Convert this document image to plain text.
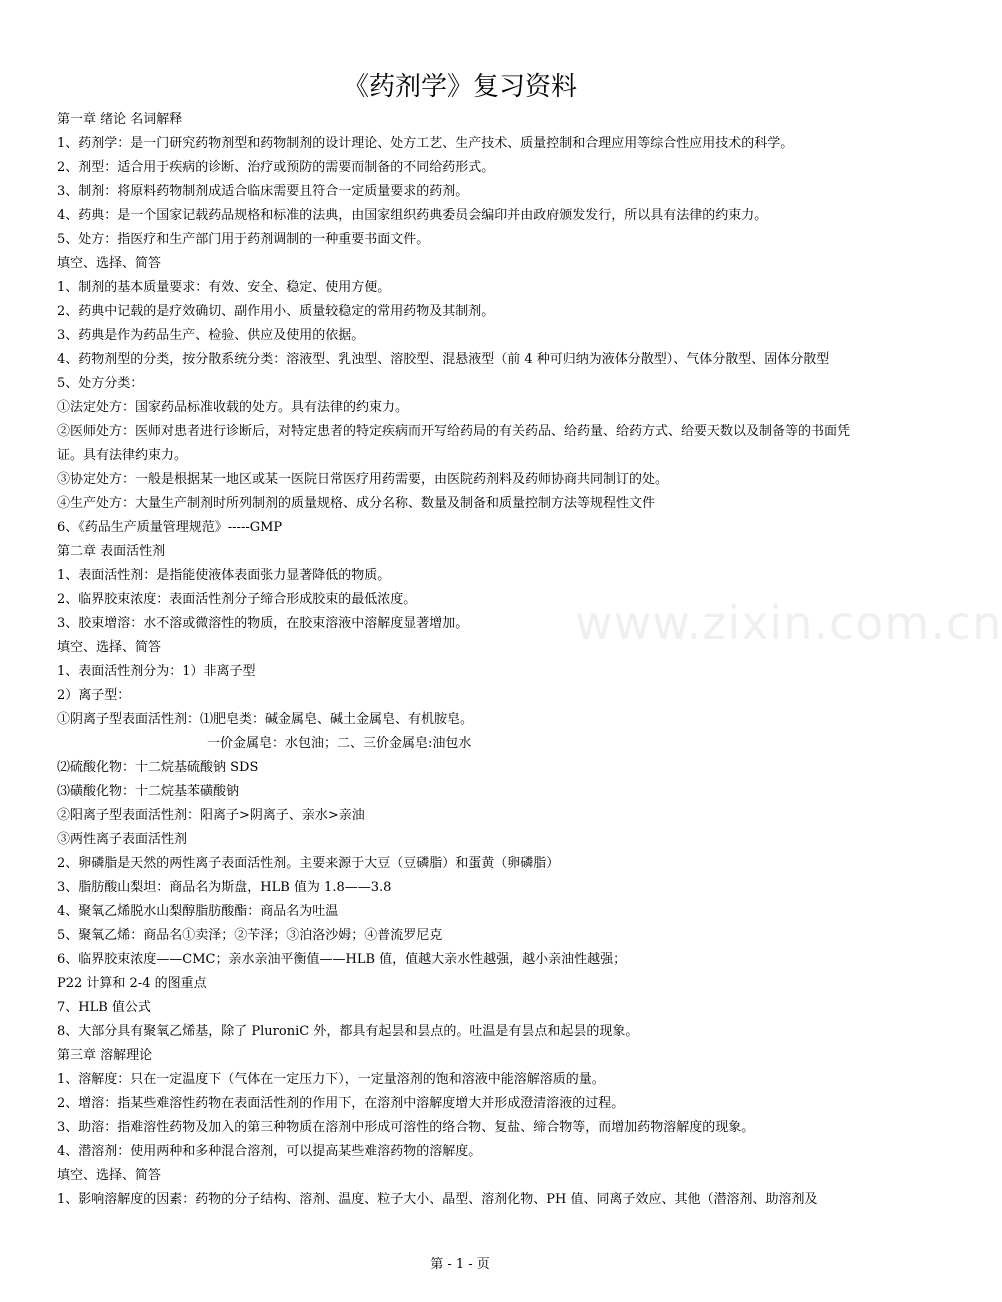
《药剂学》复习资料

第一章 绪论 名词解释

1、药剂学：是一门研究药物剂型和药物制剂的设计理论、处方工艺、生产技术、质量控制和合理应用等综合性应用技术的科学。

2、剂型：适合用于疾病的诊断、治疗或预防的需要而制备的不同给药形式。

3、制剂：将原料药物制剂成适合临床需要且符合一定质量要求的药剂。

4、药典：是一个国家记载药品规格和标准的法典，由国家组织药典委员会编印并由政府颁发发行，所以具有法律的约束力。

5、处方：指医疗和生产部门用于药剂调制的一种重要书面文件。

填空、选择、简答

1、制剂的基本质量要求：有效、安全、稳定、使用方便。

2、药典中记载的是疗效确切、副作用小、质量较稳定的常用药物及其制剂。

3、药典是作为药品生产、检验、供应及使用的依据。

4、药物剂型的分类，按分散系统分类：溶液型、乳浊型、溶胶型、混悬液型（前 4 种可归纳为液体分散型）、气体分散型、固体分散型

5、处方分类：

①法定处方：国家药品标准收载的处方。具有法律的约束力。

②医师处方：医师对患者进行诊断后，对特定患者的特定疾病而开写给药局的有关药品、给药量、给药方式、给要天数以及制备等的书面凭证。具有法律约束力。

③协定处方：一般是根据某一地区或某一医院日常医疗用药需要，由医院药剂料及药师协商共同制订的处。

④生产处方：大量生产制剂时所列制剂的质量规格、成分名称、数量及制备和质量控制方法等规程性文件

6、《药品生产质量管理规范》-----GMP

第二章 表面活性剂

1、表面活性剂：是指能使液体表面张力显著降低的物质。

2、临界胶束浓度：表面活性剂分子缔合形成胶束的最低浓度。

3、胶束增溶：水不溶或微溶性的物质，在胶束溶液中溶解度显著增加。

填空、选择、简答

1、表面活性剂分为：1）非离子型

2）离子型：

①阴离子型表面活性剂：⑴肥皂类：碱金属皂、碱土金属皂、有机胺皂。

一价金属皂：水包油；二、三价金属皂:油包水

⑵硫酸化物：十二烷基硫酸钠 SDS

⑶磺酸化物：十二烷基苯磺酸钠

②阳离子型表面活性剂：阳离子>阴离子、亲水>亲油

③两性离子表面活性剂

2、卵磷脂是天然的两性离子表面活性剂。主要来源于大豆（豆磷脂）和蛋黄（卵磷脂）

3、脂肪酸山梨坦：商品名为斯盘，HLB 值为 1.8——3.8

4、聚氧乙烯脱水山梨醇脂肪酸酯：商品名为吐温

5、聚氧乙烯：商品名①卖泽；②苄泽；③泊洛沙姆；④普流罗尼克

6、临界胶束浓度——CMC；亲水亲油平衡值——HLB 值，值越大亲水性越强，越小亲油性越强；

P22 计算和 2-4 的图重点

7、HLB 值公式

8、大部分具有聚氧乙烯基，除了 PluroniC 外，都具有起昙和昙点的。吐温是有昙点和起昙的现象。

第三章 溶解理论

1、溶解度：只在一定温度下（气体在一定压力下），一定量溶剂的饱和溶液中能溶解溶质的量。

2、增溶：指某些难溶性药物在表面活性剂的作用下，在溶剂中溶解度增大并形成澄清溶液的过程。

3、助溶：指难溶性药物及加入的第三种物质在溶剂中形成可溶性的络合物、复盐、缔合物等，而增加药物溶解度的现象。

4、潜溶剂：使用两种和多种混合溶剂，可以提高某些难溶药物的溶解度。

填空、选择、简答

1、影响溶解度的因素：药物的分子结构、溶剂、温度、粒子大小、晶型、溶剂化物、PH 值、同离子效应、其他（潜溶剂、助溶剂及

www.zixin.com.cn
第 - 1 - 页
